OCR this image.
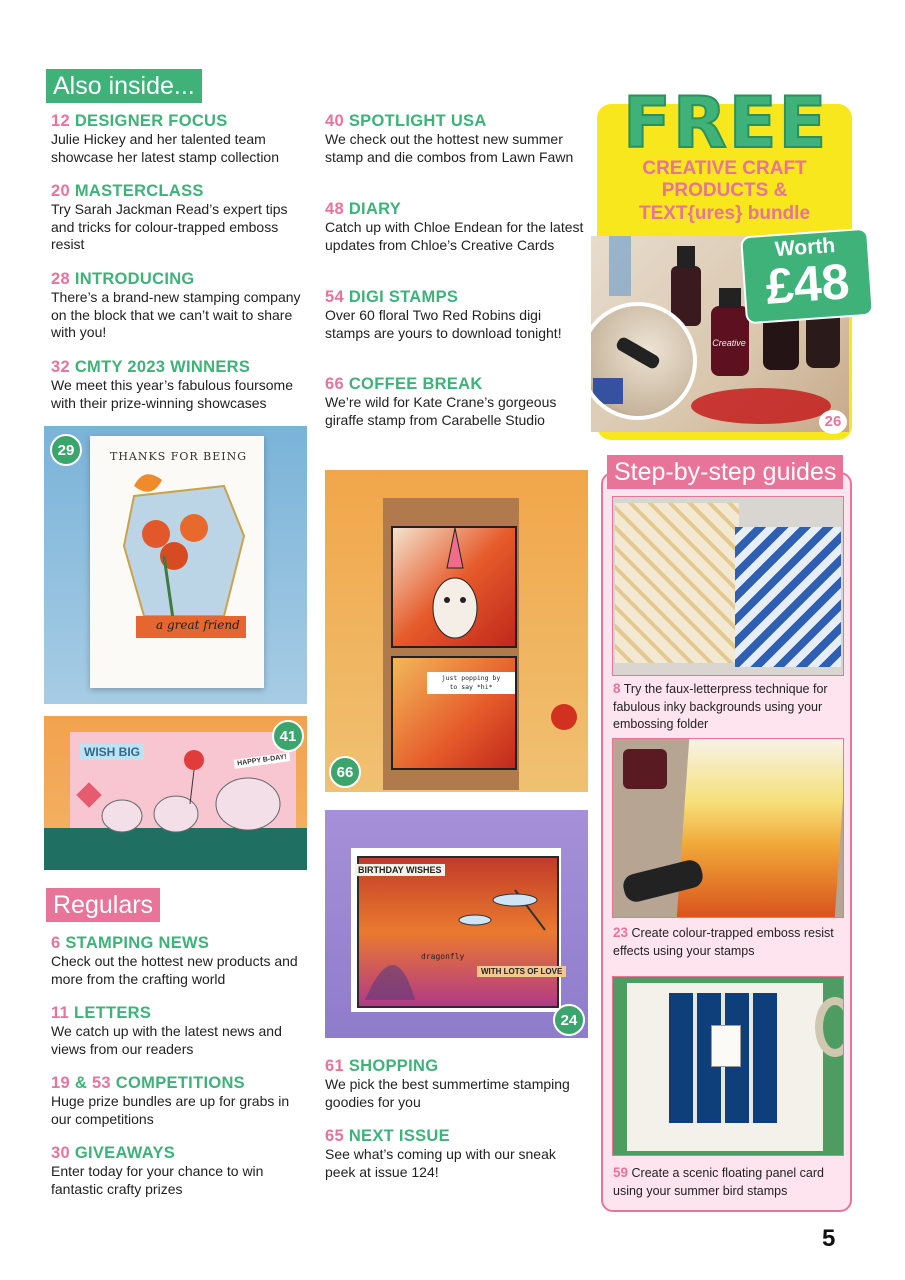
Also inside...
12 DESIGNER FOCUS
Julie Hickey and her talented team showcase her latest stamp collection
20 MASTERCLASS
Try Sarah Jackman Read’s expert tips and tricks for colour-trapped emboss resist
28 INTRODUCING
There’s a brand-new stamping company on the block that we can’t wait to share with you!
32 CMTY 2023 WINNERS
We meet this year’s fabulous foursome with their prize-winning showcases
40 SPOTLIGHT USA
We check out the hottest new summer stamp and die combos from Lawn Fawn
48 DIARY
Catch up with Chloe Endean for the latest updates from Chloe’s Creative Cards
54 DIGI STAMPS
Over 60 floral Two Red Robins digi stamps are yours to download tonight!
66 COFFEE BREAK
We’re wild for Kate Crane’s gorgeous giraffe stamp from Carabelle Studio
FREE
CREATIVE CRAFT
PRODUCTS &
TEXT{ures} bundle
Creative
Worth
£48
26
THANKS FOR BEING
a great friend
29
WISH BIG
HAPPY B-DAY!
41
just popping by
to say *hi*
66
BIRTHDAY WISHES
dragonfly
WITH LOTS OF LOVE
24
Regulars
6 STAMPING NEWS
Check out the hottest new products and more from the crafting world
11 LETTERS
We catch up with the latest news and views from our readers
19 & 53 COMPETITIONS
Huge prize bundles are up for grabs in our competitions
30 GIVEAWAYS
Enter today for your chance to win fantastic crafty prizes
61 SHOPPING
We pick the best summertime stamping goodies for you
65 NEXT ISSUE
See what’s coming up with our sneak peek at issue 124!
Step-by-step guides
8 Try the faux-letterpress technique for fabulous inky backgrounds using your embossing folder
23 Create colour-trapped emboss resist effects using your stamps
59 Create a scenic floating panel card using your summer bird stamps
5
